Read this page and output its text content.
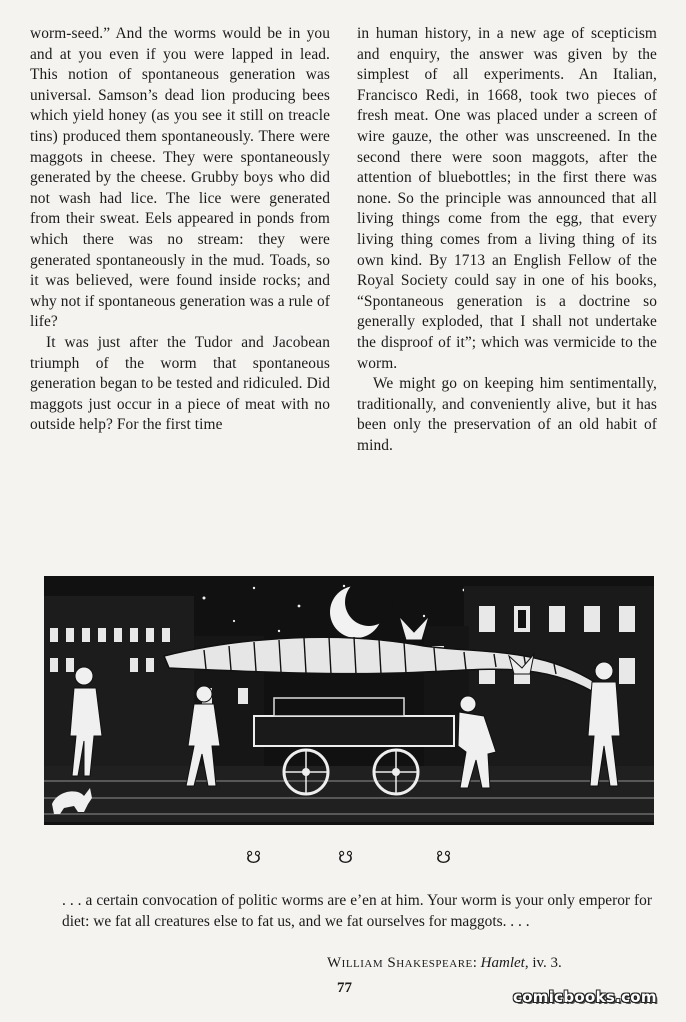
worm-seed.” And the worms would be in you and at you even if you were lapped in lead. This notion of spontaneous generation was universal. Samson’s dead lion producing bees which yield honey (as you see it still on treacle tins) produced them spontaneously. There were maggots in cheese. They were spontaneously generated by the cheese. Grubby boys who did not wash had lice. The lice were generated from their sweat. Eels appeared in ponds from which there was no stream: they were generated spontaneously in the mud. Toads, so it was believed, were found inside rocks; and why not if spontaneous generation was a rule of life?

It was just after the Tudor and Jacobean triumph of the worm that spontaneous generation began to be tested and ridiculed. Did maggots just occur in a piece of meat with no outside help? For the first time

in human history, in a new age of scepticism and enquiry, the answer was given by the simplest of all experiments. An Italian, Francisco Redi, in 1668, took two pieces of fresh meat. One was placed under a screen of wire gauze, the other was unscreened. In the second there were soon maggots, after the attention of bluebottles; in the first there was none. So the principle was announced that all living things come from the egg, that every living thing comes from a living thing of its own kind. By 1713 an English Fellow of the Royal Society could say in one of his books, “Spontaneous generation is a doctrine so generally exploded, that I shall not undertake the disproof of it”; which was vermicide to the worm.

We might go on keeping him sentimentally, traditionally, and conveniently alive, but it has been only the preservation of an old habit of mind.

☋	☋	☋
. . . a certain convocation of politic worms are e’en at him. Your worm is your only emperor for diet: we fat all creatures else to fat us, and we fat ourselves for maggots. . . .
William Shakespeare: Hamlet, iv. 3.
77	comicbooks.com
